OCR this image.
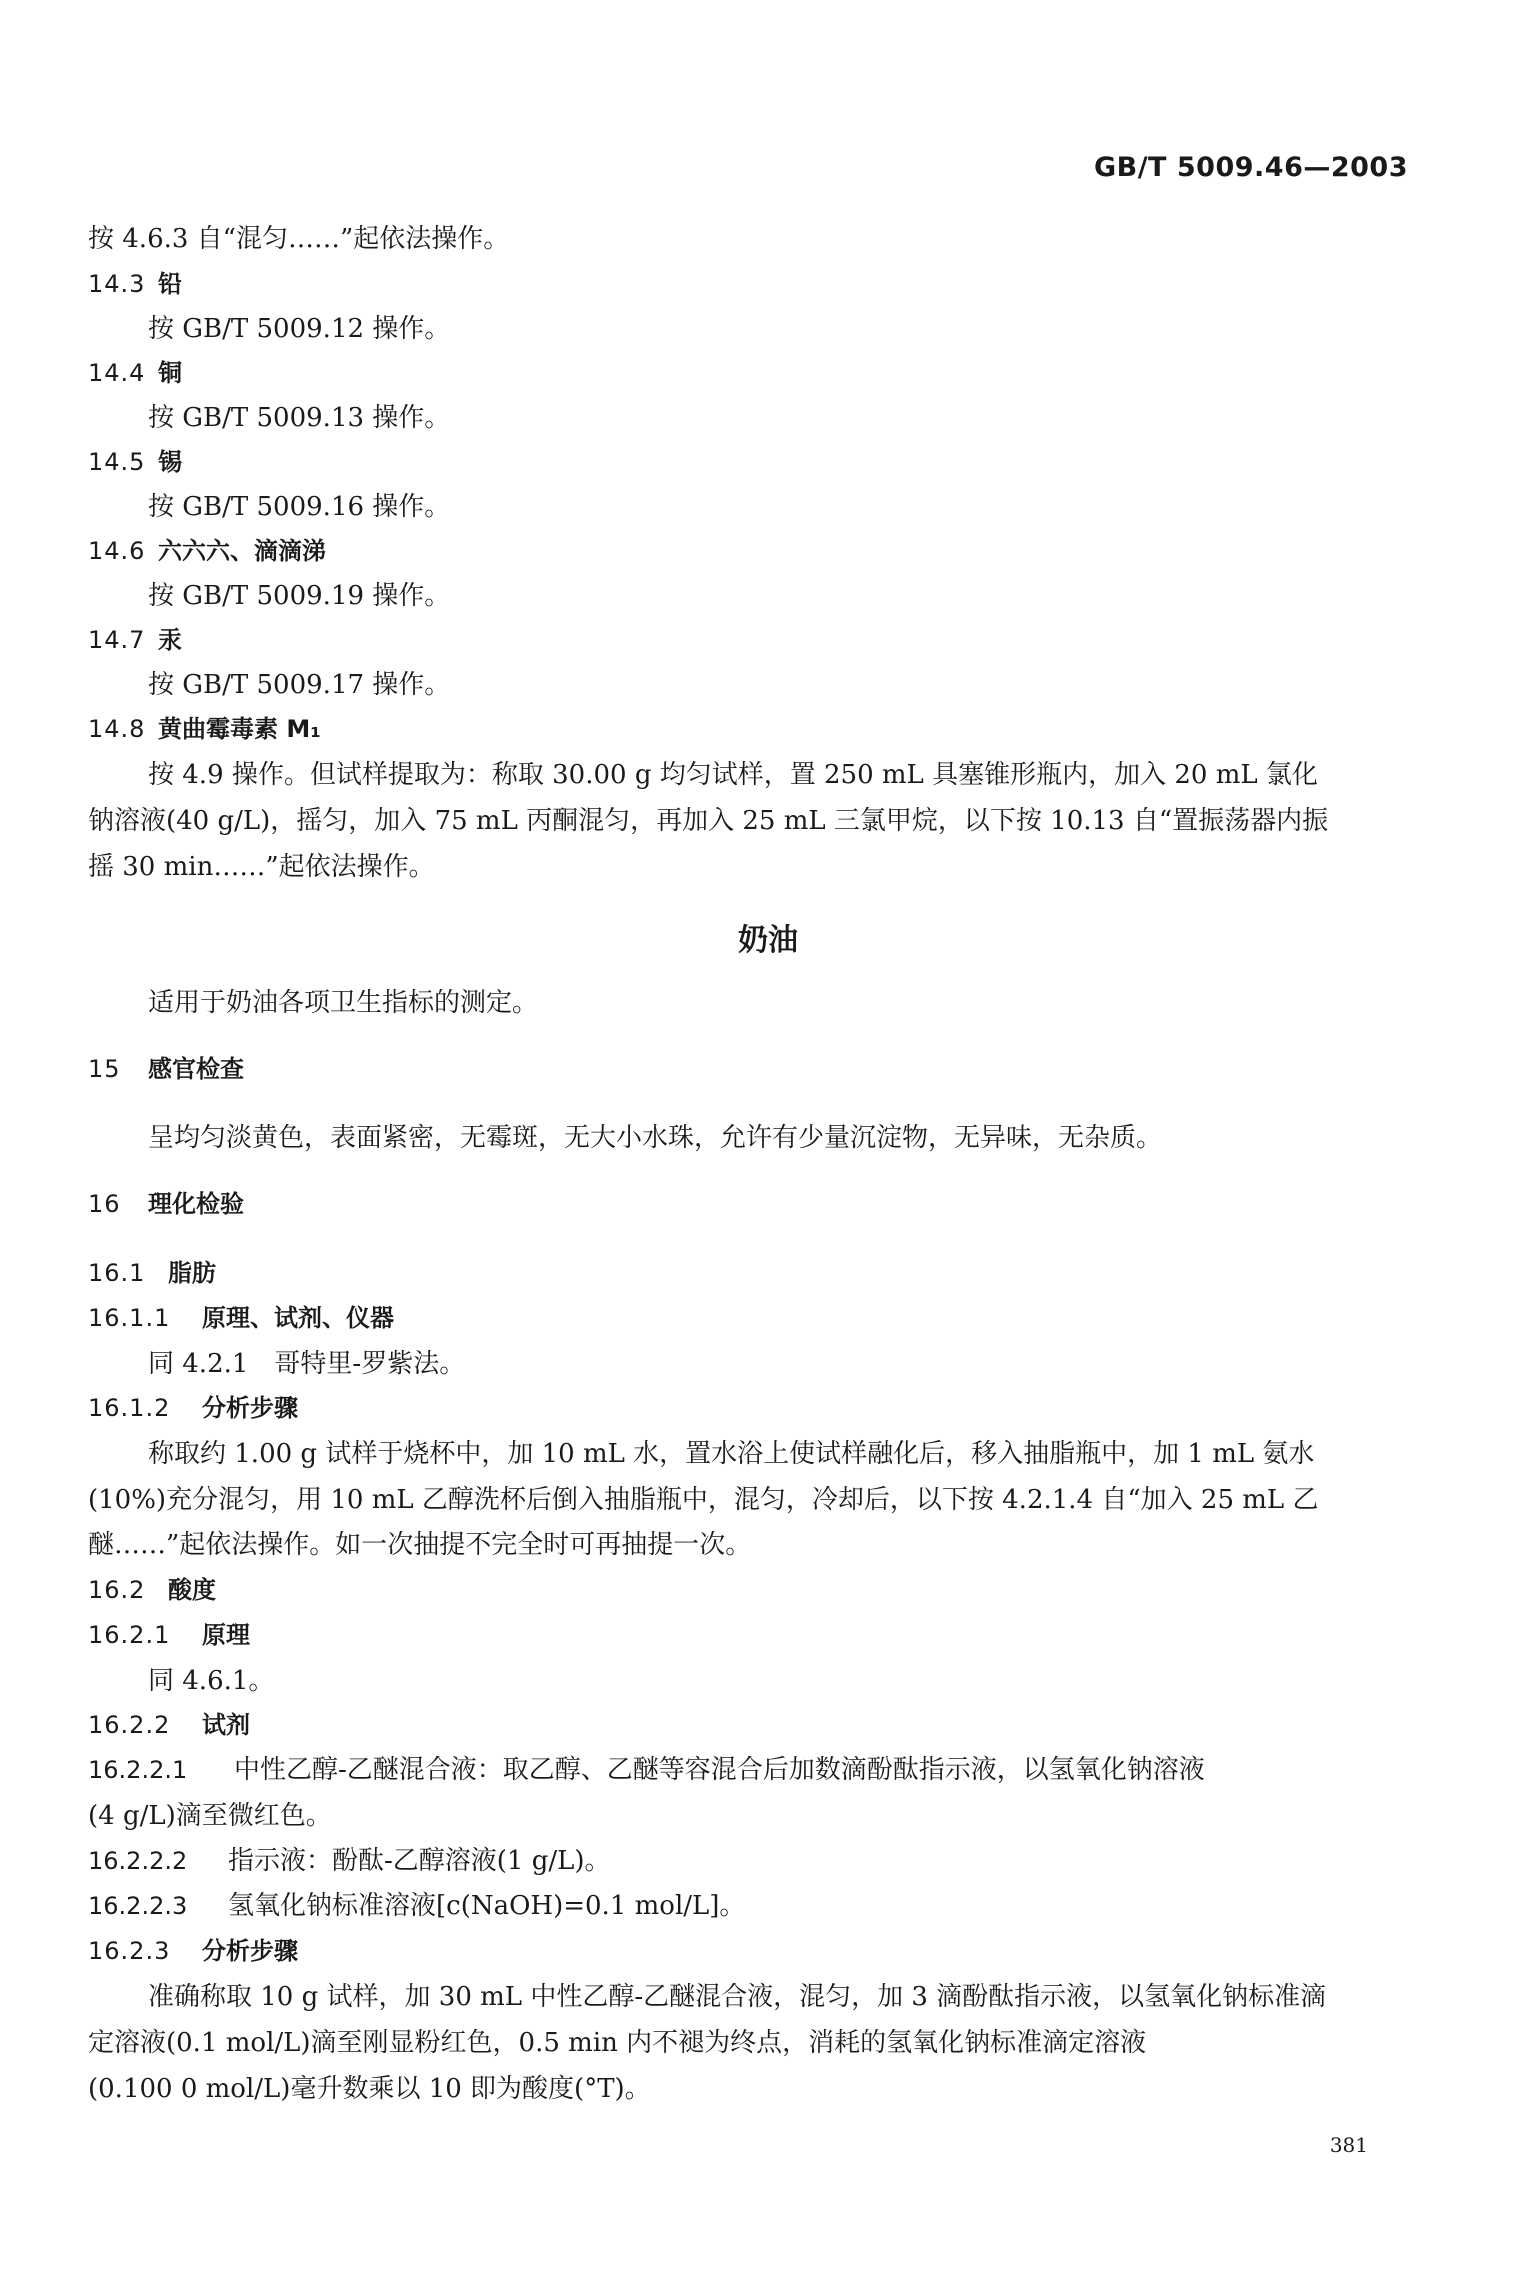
GB/T 5009.46—2003
按 4.6.3 自“混匀……”起依法操作。
14.3 铅
按 GB/T 5009.12 操作。
14.4 铜
按 GB/T 5009.13 操作。
14.5 锡
按 GB/T 5009.16 操作。
14.6 六六六、滴滴涕
按 GB/T 5009.19 操作。
14.7 汞
按 GB/T 5009.17 操作。
14.8 黄曲霉毒素 M₁
按 4.9 操作。但试样提取为：称取 30.00 g 均匀试样，置 250 mL 具塞锥形瓶内，加入 20 mL 氯化
钠溶液(40 g/L)，摇匀，加入 75 mL 丙酮混匀，再加入 25 mL 三氯甲烷，以下按 10.13 自“置振荡器内振
摇 30 min……”起依法操作。
奶油
适用于奶油各项卫生指标的测定。
15 感官检查
呈均匀淡黄色，表面紧密，无霉斑，无大小水珠，允许有少量沉淀物，无异味，无杂质。
16 理化检验
16.1 脂肪
16.1.1 原理、试剂、仪器
同 4.2.1　哥特里-罗紫法。
16.1.2 分析步骤
称取约 1.00 g 试样于烧杯中，加 10 mL 水，置水浴上使试样融化后，移入抽脂瓶中，加 1 mL 氨水
(10%)充分混匀，用 10 mL 乙醇洗杯后倒入抽脂瓶中，混匀，冷却后，以下按 4.2.1.4 自“加入 25 mL 乙
醚……”起依法操作。如一次抽提不完全时可再抽提一次。
16.2 酸度
16.2.1 原理
同 4.6.1。
16.2.2 试剂
16.2.2.1 中性乙醇-乙醚混合液：取乙醇、乙醚等容混合后加数滴酚酞指示液，以氢氧化钠溶液
(4 g/L)滴至微红色。
16.2.2.2 指示液：酚酞-乙醇溶液(1 g/L)。
16.2.2.3 氢氧化钠标准溶液[c(NaOH)=0.1 mol/L]。
16.2.3 分析步骤
准确称取 10 g 试样，加 30 mL 中性乙醇-乙醚混合液，混匀，加 3 滴酚酞指示液，以氢氧化钠标准滴
定溶液(0.1 mol/L)滴至刚显粉红色，0.5 min 内不褪为终点，消耗的氢氧化钠标准滴定溶液
(0.100 0 mol/L)毫升数乘以 10 即为酸度(°T)。
381
